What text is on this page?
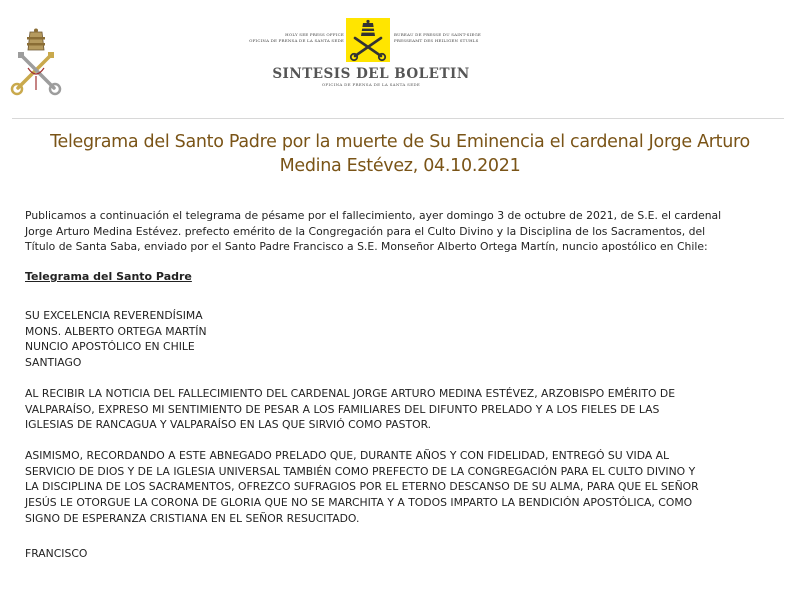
HOLY SEE PRESS OFFICE
OFICINA DE PRENSA DE LA SANTA SEDE
BUREAU DE PRESSE DU SAINT-SIEGE
PRESSEAMT DES HEILIGEN STUHLS
SINTESIS DEL BOLETIN
OFICINA DE PRENSA DE LA SANTA SEDE
Telegrama del Santo Padre por la muerte de Su Eminencia el cardenal Jorge Arturo Medina Estévez, 04.10.2021

Publicamos a continuación el telegrama de pésame por el fallecimiento, ayer domingo 3 de octubre de 2021, de S.E. el cardenal
Jorge Arturo Medina Estévez. prefecto emérito de la Congregación para el Culto Divino y la Disciplina de los Sacramentos, del
Título de Santa Saba, enviado por el Santo Padre Francisco a S.E. Monseñor Alberto Ortega Martín, nuncio apostólico en Chile:

Telegrama del Santo Padre

SU EXCELENCIA REVERENDÍSIMA
MONS. ALBERTO ORTEGA MARTÍN
NUNCIO APOSTÓLICO EN CHILE
SANTIAGO

AL RECIBIR LA NOTICIA DEL FALLECIMIENTO DEL CARDENAL JORGE ARTURO MEDINA ESTÉVEZ, ARZOBISPO EMÉRITO DE
VALPARAÍSO, EXPRESO MI SENTIMIENTO DE PESAR A LOS FAMILIARES DEL DIFUNTO PRELADO Y A LOS FIELES DE LAS
IGLESIAS DE RANCAGUA Y VALPARAÍSO EN LAS QUE SIRVIÓ COMO PASTOR.

ASIMISMO, RECORDANDO A ESTE ABNEGADO PRELADO QUE, DURANTE AÑOS Y CON FIDELIDAD, ENTREGÓ SU VIDA AL
SERVICIO DE DIOS Y DE LA IGLESIA UNIVERSAL TAMBIÉN COMO PREFECTO DE LA CONGREGACIÓN PARA EL CULTO DIVINO Y
LA DISCIPLINA DE LOS SACRAMENTOS, OFREZCO SUFRAGIOS POR EL ETERNO DESCANSO DE SU ALMA, PARA QUE EL SEÑOR
JESÚS LE OTORGUE LA CORONA DE GLORIA QUE NO SE MARCHITA Y A TODOS IMPARTO LA BENDICIÓN APOSTÓLICA, COMO
SIGNO DE ESPERANZA CRISTIANA EN EL SEÑOR RESUCITADO.

FRANCISCO
